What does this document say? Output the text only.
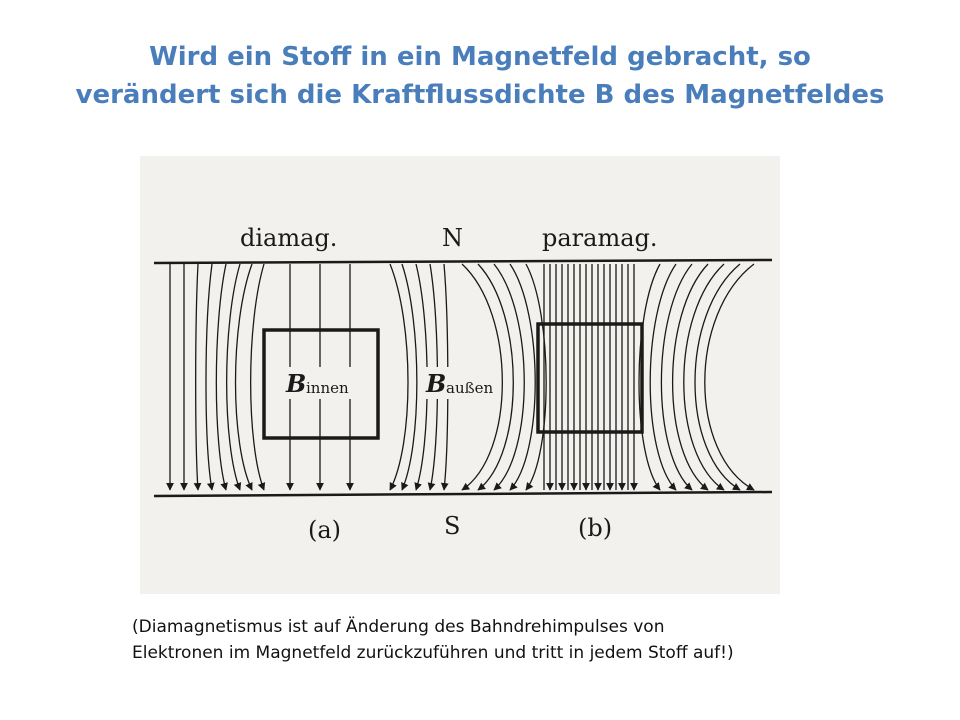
Wird ein Stoff in ein Magnetfeld gebracht, so
verändert sich die Kraftflussdichte B des Magnetfeldes
diamag.	N	paramag.
S
(a)	(b)
B innen	B außen

(Diamagnetismus ist auf Änderung des Bahndrehimpulses von
Elektronen im Magnetfeld zurückzuführen und tritt in jedem Stoff auf!)
